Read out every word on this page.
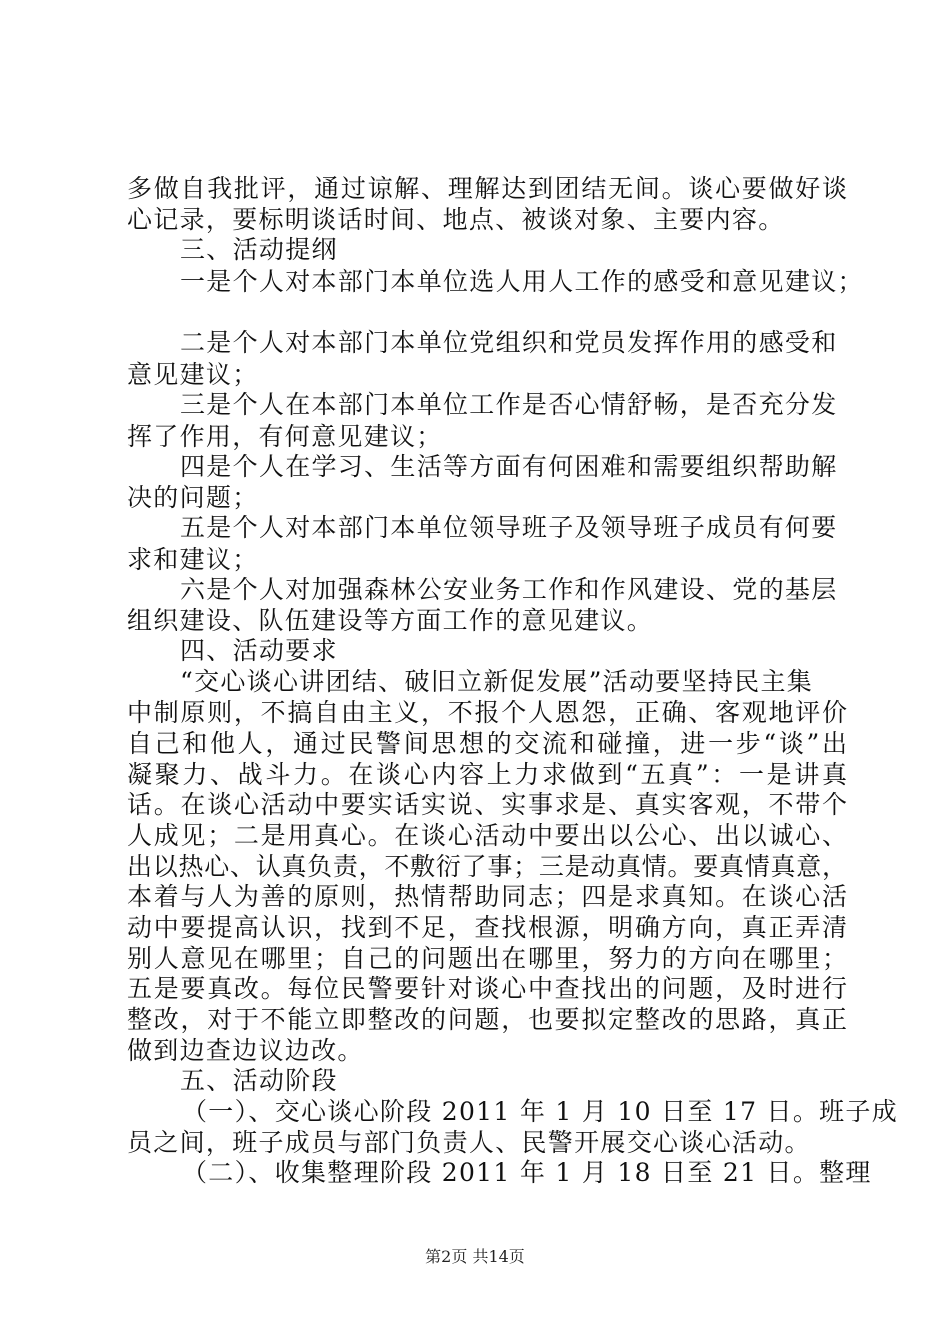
多做自我批评，通过谅解、理解达到团结无间。谈心要做好谈
心记录，要标明谈话时间、地点、被谈对象、主要内容。
三、活动提纲
一是个人对本部门本单位选人用人工作的感受和意见建议；
二是个人对本部门本单位党组织和党员发挥作用的感受和
意见建议；
三是个人在本部门本单位工作是否心情舒畅，是否充分发
挥了作用，有何意见建议；
四是个人在学习、生活等方面有何困难和需要组织帮助解
决的问题；
五是个人对本部门本单位领导班子及领导班子成员有何要
求和建议；
六是个人对加强森林公安业务工作和作风建设、党的基层
组织建设、队伍建设等方面工作的意见建议。
四、活动要求
“交心谈心讲团结、破旧立新促发展”活动要坚持民主集
中制原则，不搞自由主义，不报个人恩怨，正确、客观地评价
自己和他人，通过民警间思想的交流和碰撞，进一步“谈”出
凝聚力、战斗力。在谈心内容上力求做到“五真”：一是讲真
话。在谈心活动中要实话实说、实事求是、真实客观，不带个
人成见；二是用真心。在谈心活动中要出以公心、出以诚心、
出以热心、认真负责，不敷衍了事；三是动真情。要真情真意，
本着与人为善的原则，热情帮助同志；四是求真知。在谈心活
动中要提高认识，找到不足，查找根源，明确方向，真正弄清
别人意见在哪里；自己的问题出在哪里，努力的方向在哪里；
五是要真改。每位民警要针对谈心中查找出的问题，及时进行
整改，对于不能立即整改的问题，也要拟定整改的思路，真正
做到边查边议边改。
五、活动阶段
（一）、交心谈心阶段 2011 年 1 月 10 日至 17 日。班子成
员之间，班子成员与部门负责人、民警开展交心谈心活动。
（二）、收集整理阶段 2011 年 1 月 18 日至 21 日。整理
第2页 共14页
